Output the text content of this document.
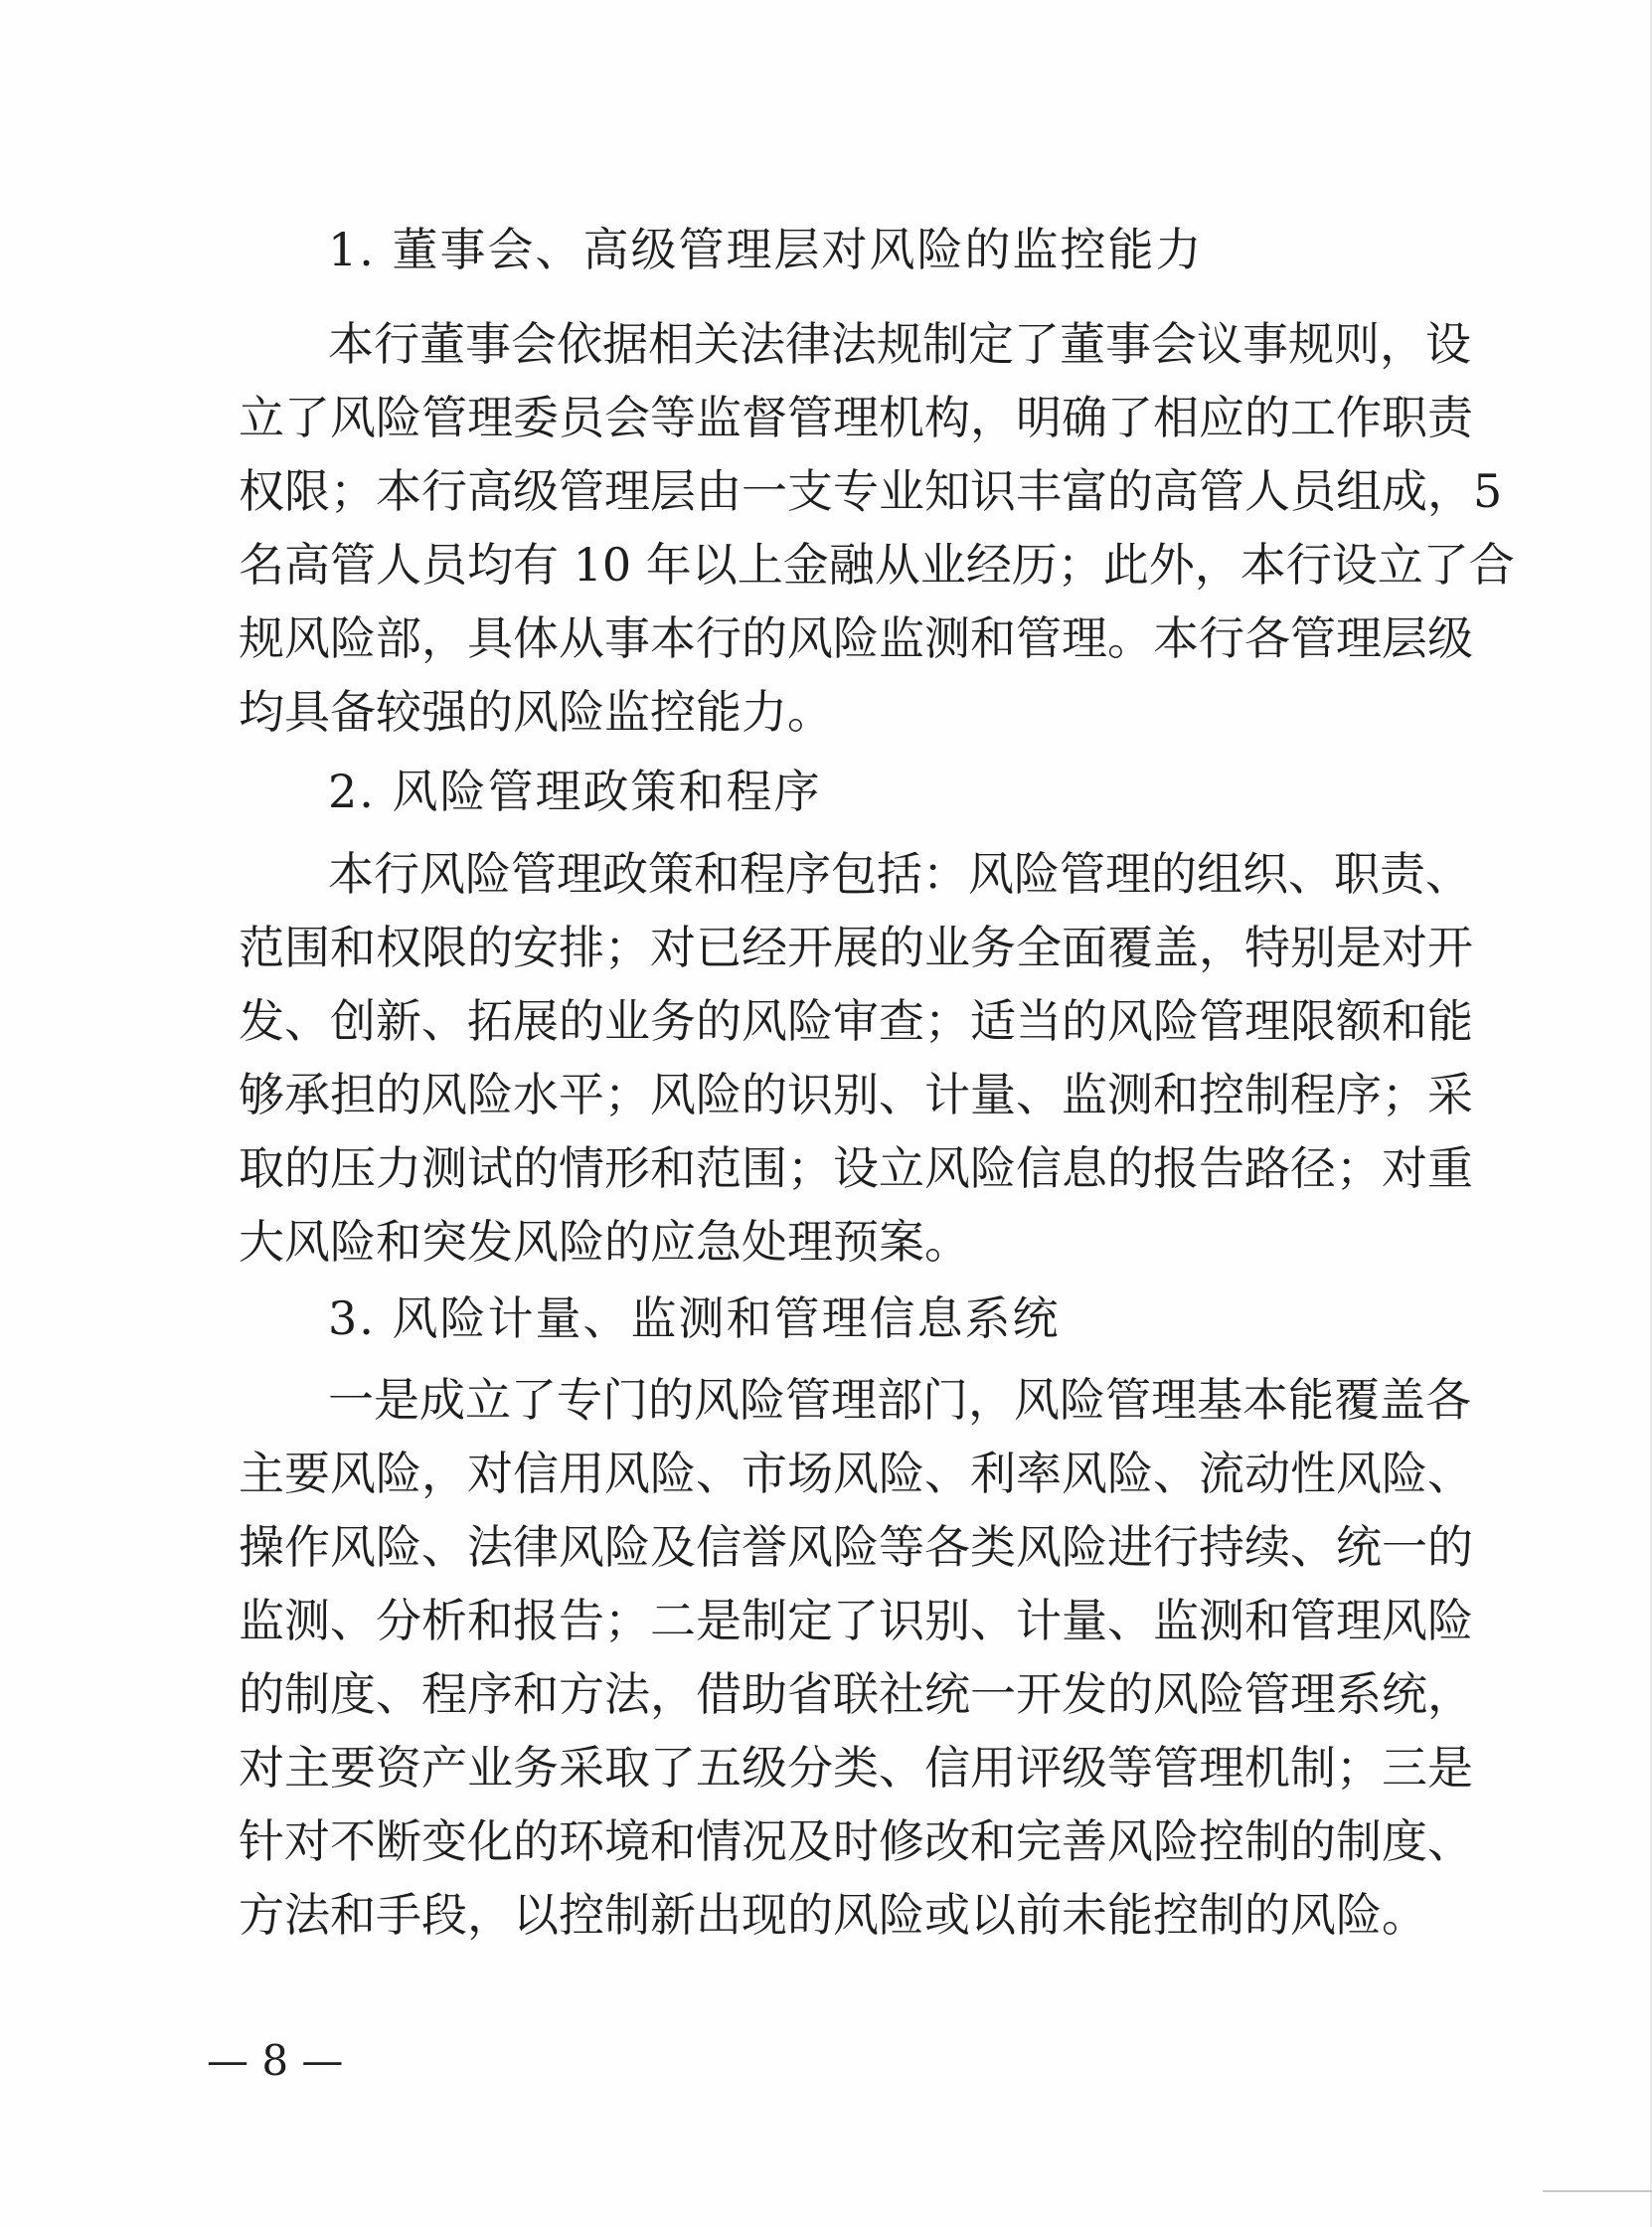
1. 董事会、高级管理层对风险的监控能力

本行董事会依据相关法律法规制定了董事会议事规则，设

立了风险管理委员会等监督管理机构，明确了相应的工作职责

权限；本行高级管理层由一支专业知识丰富的高管人员组成，5

名高管人员均有 10 年以上金融从业经历；此外，本行设立了合

规风险部，具体从事本行的风险监测和管理。本行各管理层级

均具备较强的风险监控能力。

2. 风险管理政策和程序

本行风险管理政策和程序包括：风险管理的组织、职责、

范围和权限的安排；对已经开展的业务全面覆盖，特别是对开

发、创新、拓展的业务的风险审查；适当的风险管理限额和能

够承担的风险水平；风险的识别、计量、监测和控制程序；采

取的压力测试的情形和范围；设立风险信息的报告路径；对重

大风险和突发风险的应急处理预案。

3. 风险计量、监测和管理信息系统

一是成立了专门的风险管理部门，风险管理基本能覆盖各

主要风险，对信用风险、市场风险、利率风险、流动性风险、

操作风险、法律风险及信誉风险等各类风险进行持续、统一的

监测、分析和报告；二是制定了识别、计量、监测和管理风险

的制度、程序和方法，借助省联社统一开发的风险管理系统，

对主要资产业务采取了五级分类、信用评级等管理机制；三是

针对不断变化的环境和情况及时修改和完善风险控制的制度、

方法和手段，以控制新出现的风险或以前未能控制的风险。

— 8 —
